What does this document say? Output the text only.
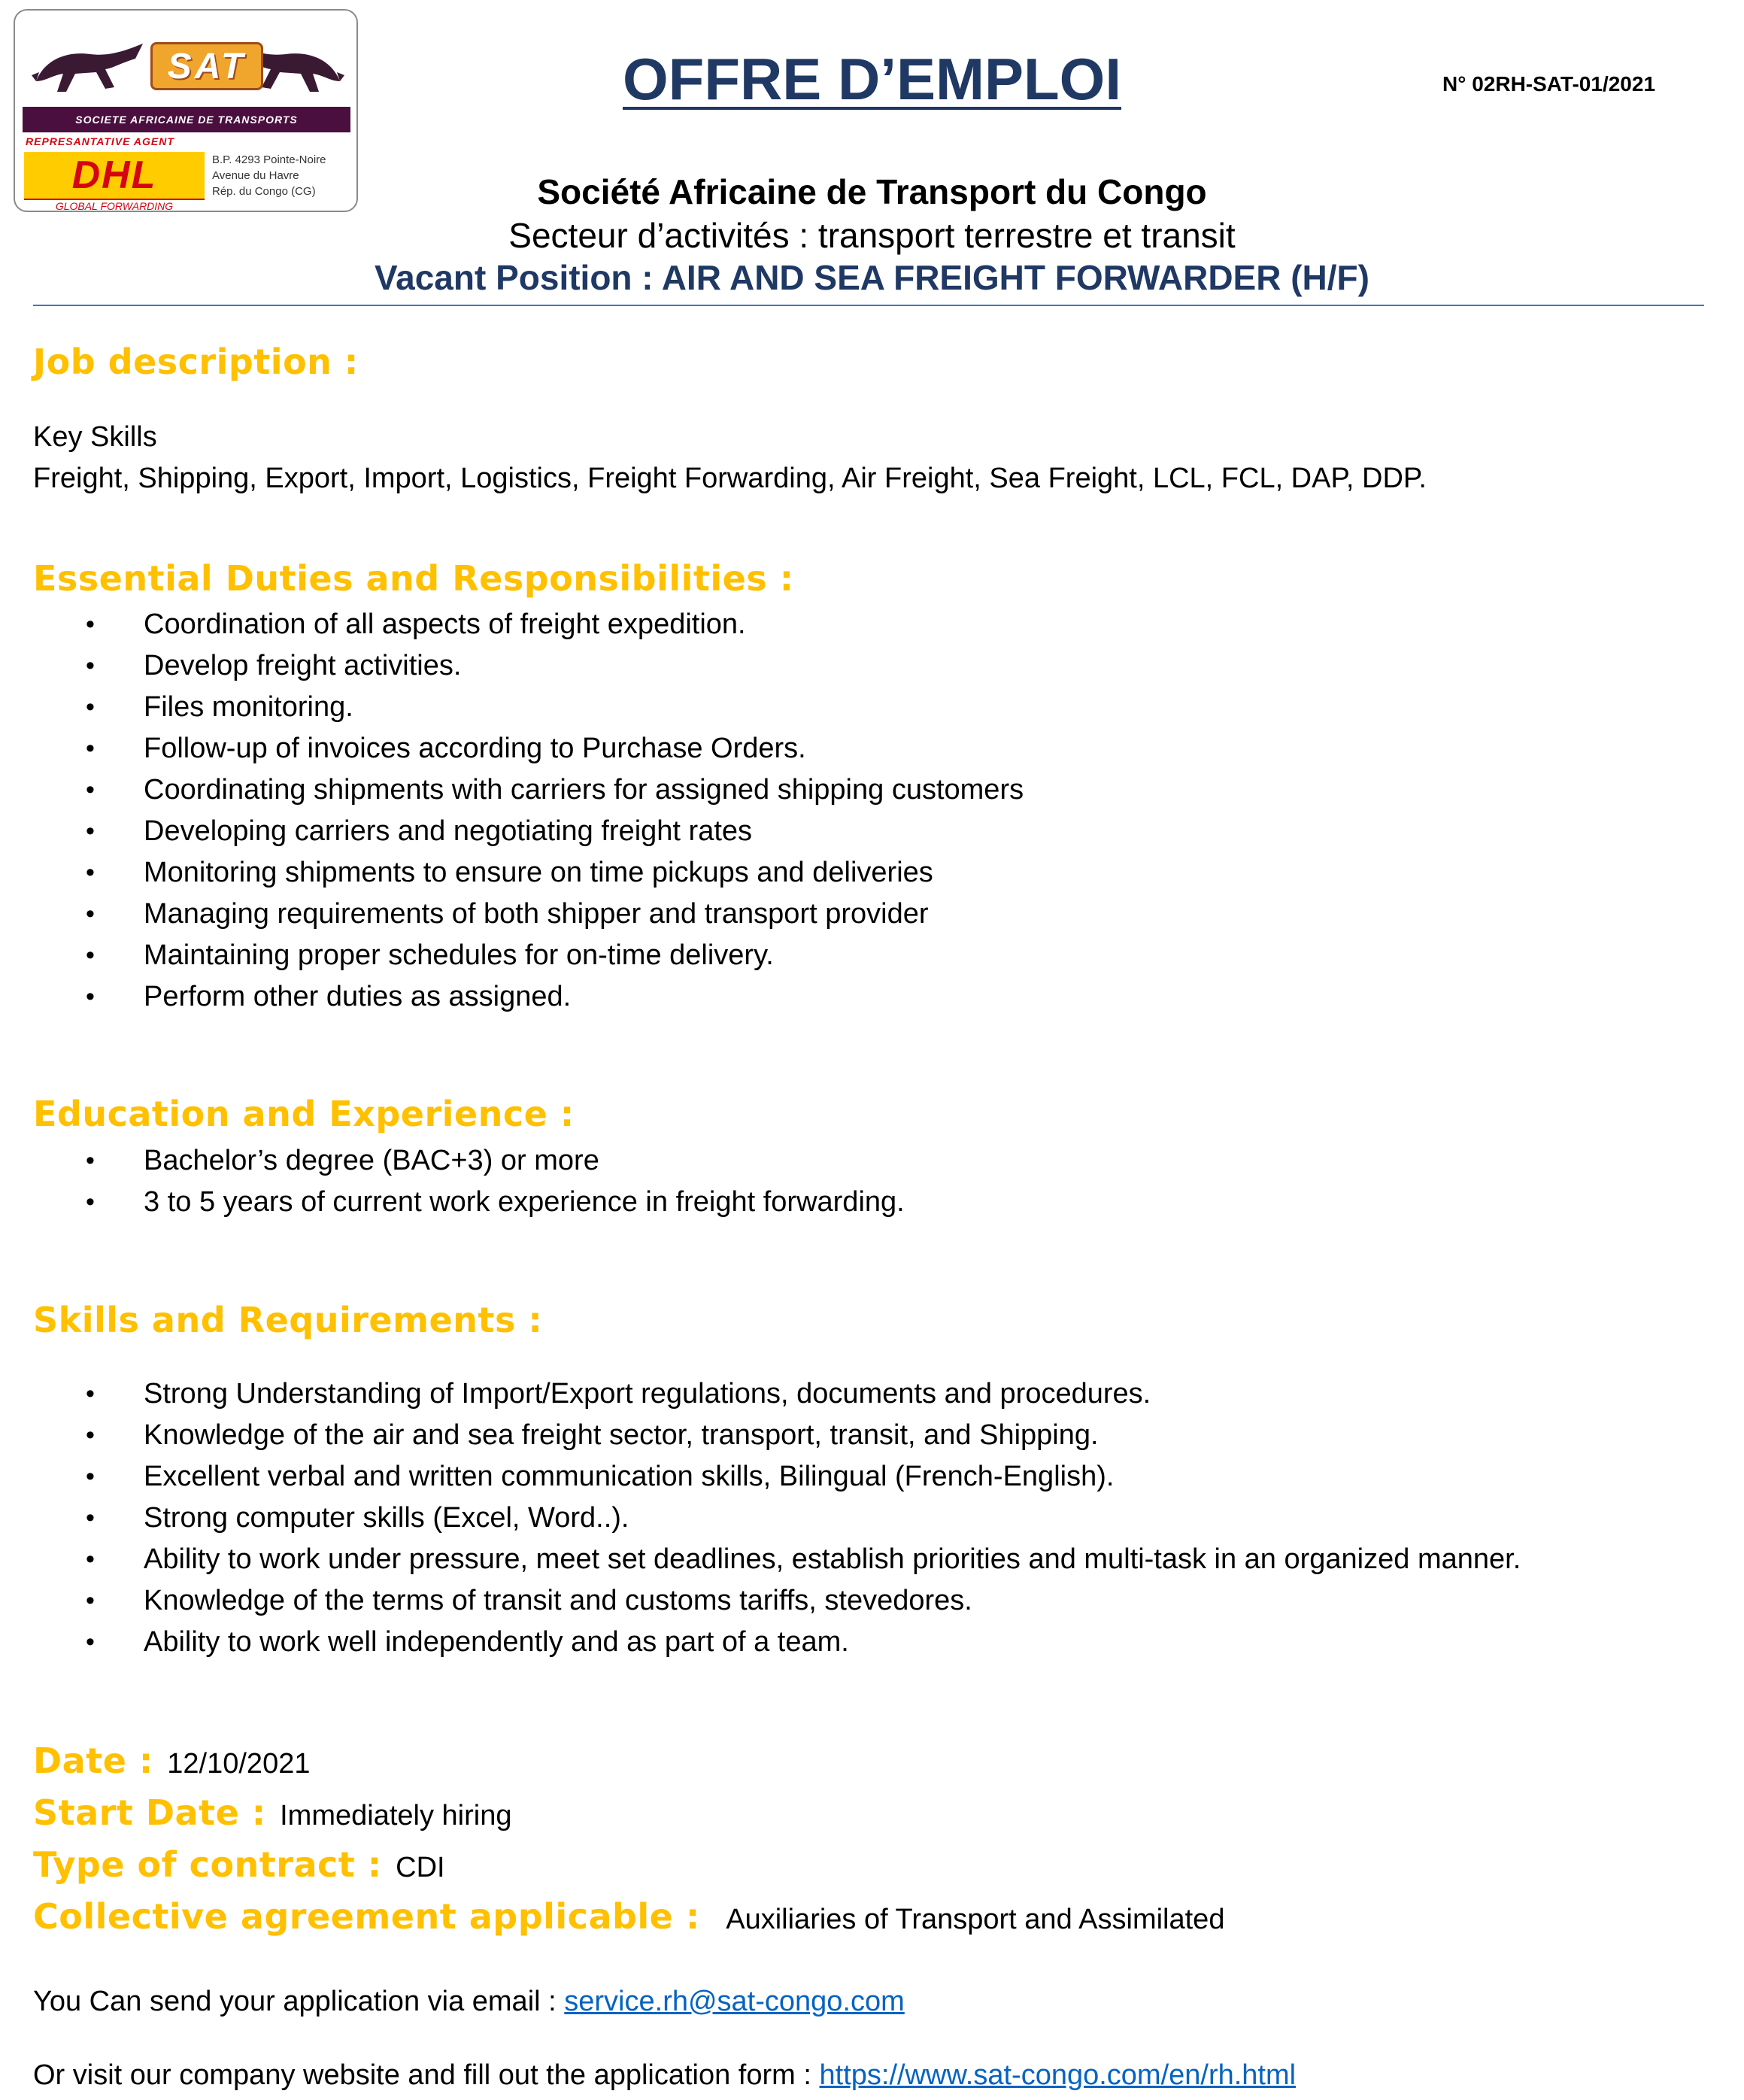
SAT
SOCIETE AFRICAINE DE TRANSPORTS
REPRESANTATIVE AGENT
DHL
GLOBAL FORWARDING
B.P. 4293 Pointe-Noire
Avenue du Havre
Rép. du Congo (CG)
OFFRE D’EMPLOI	N° 02RH-SAT-01/2021
Société Africaine de Transport du Congo
Secteur d’activités : transport terrestre et transit
Vacant Position : AIR AND SEA FREIGHT FORWARDER (H/F)
Job description :
Key Skills
Freight, Shipping, Export, Import, Logistics, Freight Forwarding, Air Freight, Sea Freight, LCL, FCL, DAP, DDP.
Essential Duties and Responsibilities :
• Coordination of all aspects of freight expedition.
• Develop freight activities.
• Files monitoring.
• Follow-up of invoices according to Purchase Orders.
• Coordinating shipments with carriers for assigned shipping customers
• Developing carriers and negotiating freight rates
• Monitoring shipments to ensure on time pickups and deliveries
• Managing requirements of both shipper and transport provider
• Maintaining proper schedules for on-time delivery.
• Perform other duties as assigned.
Education and Experience :
• Bachelor’s degree (BAC+3) or more
• 3 to 5 years of current work experience in freight forwarding.
Skills and Requirements :
• Strong Understanding of Import/Export regulations, documents and procedures.
• Knowledge of the air and sea freight sector, transport, transit, and Shipping.
• Excellent verbal and written communication skills, Bilingual (French-English).
• Strong computer skills (Excel, Word..).
• Ability to work under pressure, meet set deadlines, establish priorities and multi-task in an organized manner.
• Knowledge of the terms of transit and customs tariffs, stevedores.
• Ability to work well independently and as part of a team.
Date : 12/10/2021
Start Date : Immediately hiring
Type of contract : CDI
Collective agreement applicable : Auxiliaries of Transport and Assimilated
You Can send your application via email : service.rh@sat-congo.com
Or visit our company website and fill out the application form : https://www.sat-congo.com/en/rh.html
